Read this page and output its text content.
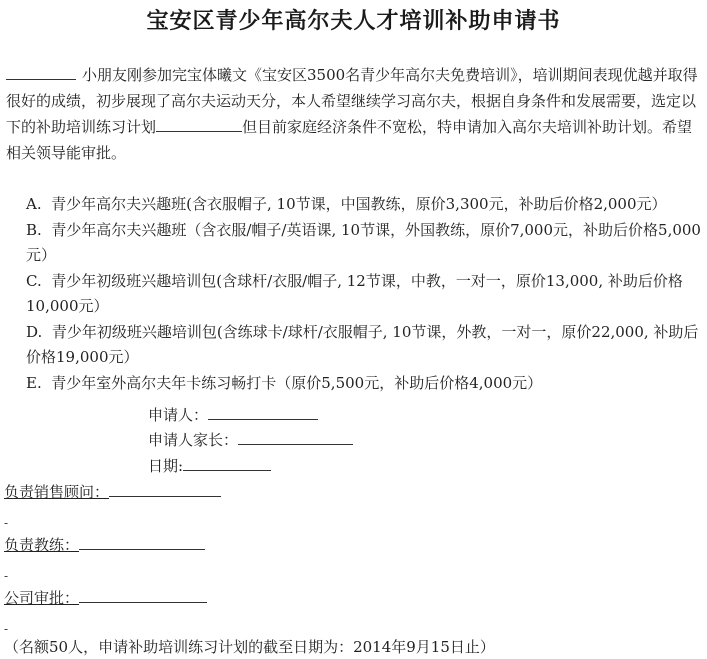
宝安区青少年高尔夫人才培训补助申请书
小朋友刚参加完宝体曦文《宝安区3500名青少年高尔夫免费培训》，培训期间表现优越并取得很好的成绩，初步展现了高尔夫运动天分，本人希望继续学习高尔夫，根据自身条件和发展需要，选定以下的补助培训练习计划	但目前家庭经济条件不宽松，特申请加入高尔夫培训补助计划。希望相关领导能审批。
A. 青少年高尔夫兴趣班(含衣服帽子, 10节课，中国教练，原价3,300元，补助后价格2,000元）
B. 青少年高尔夫兴趣班（含衣服/帽子/英语课, 10节课，外国教练，原价7,000元，补助后价格5,000元）
C. 青少年初级班兴趣培训包(含球杆/衣服/帽子, 12节课，中教，一对一，原价13,000, 补助后价格10,000元）
D. 青少年初级班兴趣培训包(含练球卡/球杆/衣服帽子, 10节课，外教，一对一，原价22,000, 补助后价格19,000元）
E. 青少年室外高尔夫年卡练习畅打卡（原价5,500元，补助后价格4,000元）
申请人：
申请人家长：
日期:
负责销售顾问：
-
负责教练：
-
公司审批：
-
（名额50人，申请补助培训练习计划的截至日期为：2014年9月15日止）
